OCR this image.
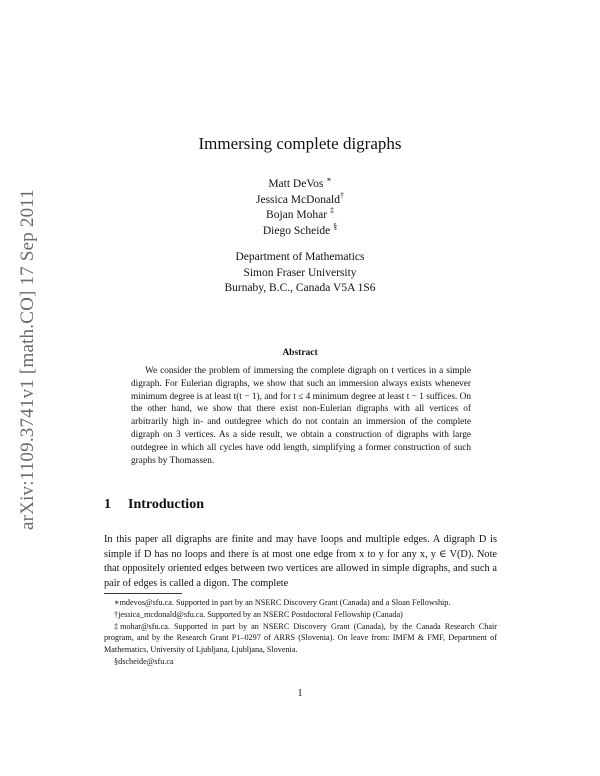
arXiv:1109.3741v1 [math.CO] 17 Sep 2011
Immersing complete digraphs
Matt DeVos ∗
Jessica McDonald†
Bojan Mohar ‡
Diego Scheide §
Department of Mathematics
Simon Fraser University
Burnaby, B.C., Canada V5A 1S6
Abstract
We consider the problem of immersing the complete digraph on t vertices in a simple digraph. For Eulerian digraphs, we show that such an immersion always exists whenever minimum degree is at least t(t − 1), and for t ≤ 4 minimum degree at least t − 1 suffices. On the other hand, we show that there exist non-Eulerian digraphs with all vertices of arbitrarily high in- and outdegree which do not contain an immersion of the complete digraph on 3 vertices. As a side result, we obtain a construction of digraphs with large outdegree in which all cycles have odd length, simplifying a former construction of such graphs by Thomassen.
1 Introduction
In this paper all digraphs are finite and may have loops and multiple edges. A digraph D is simple if D has no loops and there is at most one edge from x to y for any x, y ∈ V(D). Note that oppositely oriented edges between two vertices are allowed in simple digraphs, and such a pair of edges is called a digon. The complete

∗mdevos@sfu.ca. Supported in part by an NSERC Discovery Grant (Canada) and a Sloan Fellowship.

†jessica_mcdonald@sfu.ca. Supported by an NSERC Postdoctoral Fellowship (Canada)

‡mohar@sfu.ca. Supported in part by an NSERC Discovery Grant (Canada), by the Canada Research Chair program, and by the Research Grant P1–0297 of ARRS (Slovenia). On leave from: IMFM & FMF, Department of Mathematics, University of Ljubljana, Ljubljana, Slovenia.

§dscheide@sfu.ca

1
